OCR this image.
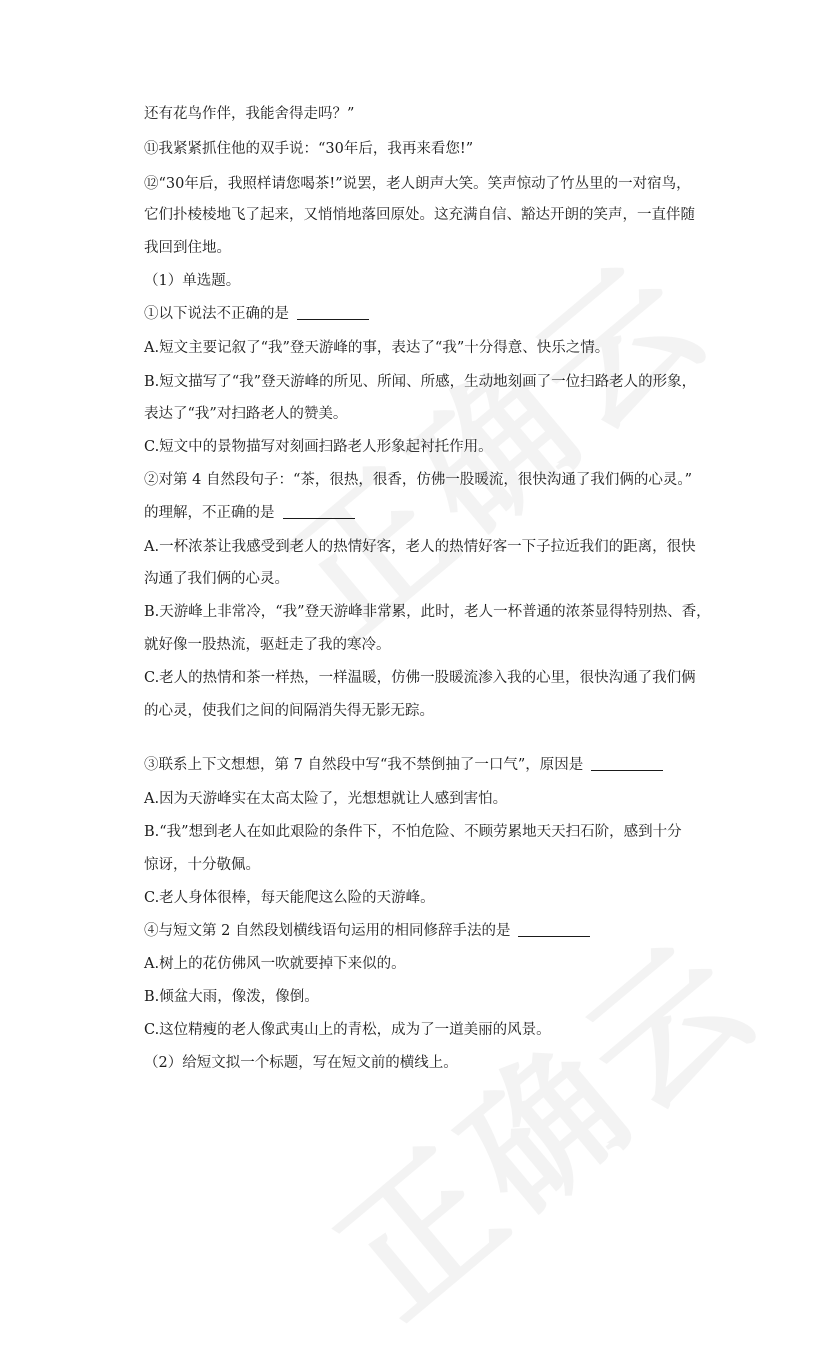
还有花鸟作伴，我能舍得走吗？”
⑪我紧紧抓住他的双手说：“30年后，我再来看您!”
⑫“30年后，我照样请您喝茶!”说罢，老人朗声大笑。笑声惊动了竹丛里的一对宿鸟，
它们扑棱棱地飞了起来，又悄悄地落回原处。这充满自信、豁达开朗的笑声，一直伴随
我回到住地。
（1）单选题。
①以下说法不正确的是
A.短文主要记叙了“我”登天游峰的事，表达了“我”十分得意、快乐之情。
B.短文描写了“我”登天游峰的所见、所闻、所感，生动地刻画了一位扫路老人的形象，
表达了“我”对扫路老人的赞美。
C.短文中的景物描写对刻画扫路老人形象起衬托作用。
②对第 4 自然段句子：“茶，很热，很香，仿佛一股暖流，很快沟通了我们俩的心灵。”
的理解，不正确的是
A.一杯浓茶让我感受到老人的热情好客，老人的热情好客一下子拉近我们的距离，很快
沟通了我们俩的心灵。
B.天游峰上非常冷，“我”登天游峰非常累，此时，老人一杯普通的浓茶显得特别热、香，
就好像一股热流，驱赶走了我的寒冷。
C.老人的热情和茶一样热，一样温暖，仿佛一股暖流渗入我的心里，很快沟通了我们俩
的心灵，使我们之间的间隔消失得无影无踪。
③联系上下文想想，第 7 自然段中写“我不禁倒抽了一口气”，原因是
A.因为天游峰实在太高太险了，光想想就让人感到害怕。
B.“我”想到老人在如此艰险的条件下，不怕危险、不顾劳累地天天扫石阶，感到十分
惊讶，十分敬佩。
C.老人身体很棒，每天能爬这么险的天游峰。
④与短文第 2 自然段划横线语句运用的相同修辞手法的是
A.树上的花仿佛风一吹就要掉下来似的。
B.倾盆大雨，像泼，像倒。
C.这位精瘦的老人像武夷山上的青松，成为了一道美丽的风景。
（2）给短文拟一个标题，写在短文前的横线上。
